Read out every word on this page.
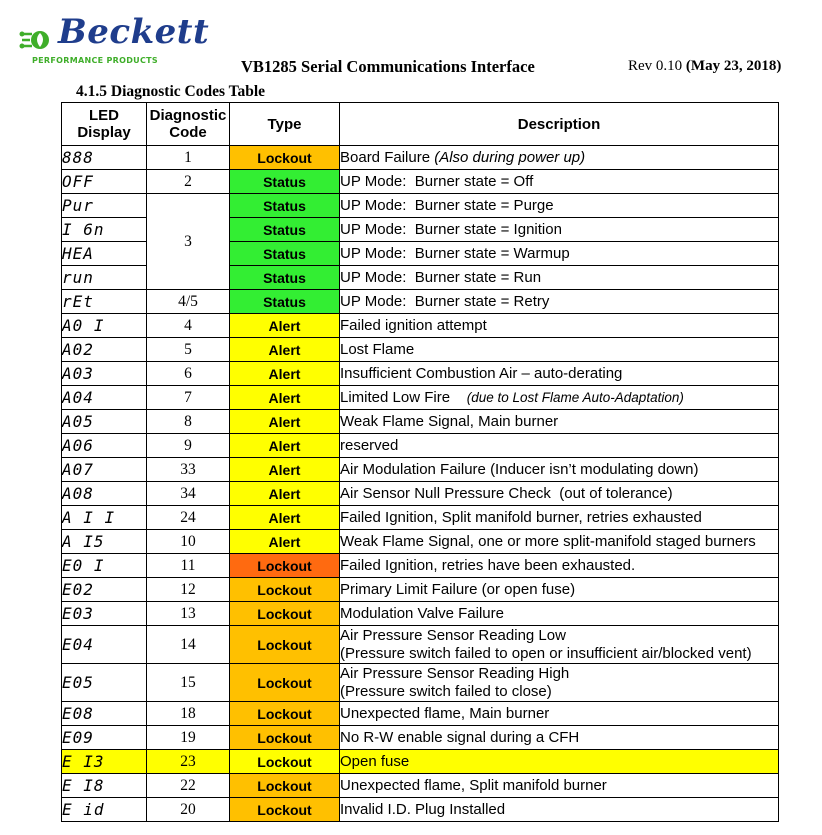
Beckett
PERFORMANCE PRODUCTS	VB1285 Serial Communications Interface	Rev 0.10 (May 23, 2018)
4.1.5 Diagnostic Codes Table
LED Display	Diagnostic Code	Type	Description
888	1	Lockout	Board Failure (Also during power up)
OFF	2	Status	UP Mode:  Burner state = Off
Pur	3	Status	UP Mode:  Burner state = Purge
I 6n		Status	UP Mode:  Burner state = Ignition
HEA		Status	UP Mode:  Burner state = Warmup
run		Status	UP Mode:  Burner state = Run
rEt	4/5	Status	UP Mode:  Burner state = Retry
A0 I	4	Alert	Failed ignition attempt
A02	5	Alert	Lost Flame
A03	6	Alert	Insufficient Combustion Air – auto-derating
A04	7	Alert	Limited Low Fire    (due to Lost Flame Auto-Adaptation)
A05	8	Alert	Weak Flame Signal, Main burner
A06	9	Alert	reserved
A07	33	Alert	Air Modulation Failure (Inducer isn’t modulating down)
A08	34	Alert	Air Sensor Null Pressure Check  (out of tolerance)
A I I	24	Alert	Failed Ignition, Split manifold burner, retries exhausted
A I5	10	Alert	Weak Flame Signal, one or more split-manifold staged burners
E0 I	11	Lockout	Failed Ignition, retries have been exhausted.
E02	12	Lockout	Primary Limit Failure (or open fuse)
E03	13	Lockout	Modulation Valve Failure
E04	14	Lockout	Air Pressure Sensor Reading Low
(Pressure switch failed to open or insufficient air/blocked vent)
E05	15	Lockout	Air Pressure Sensor Reading High
(Pressure switch failed to close)
E08	18	Lockout	Unexpected flame, Main burner
E09	19	Lockout	No R-W enable signal during a CFH
E I3	23	Lockout	Open fuse
E I8	22	Lockout	Unexpected flame, Split manifold burner
E id	20	Lockout	Invalid I.D. Plug Installed
